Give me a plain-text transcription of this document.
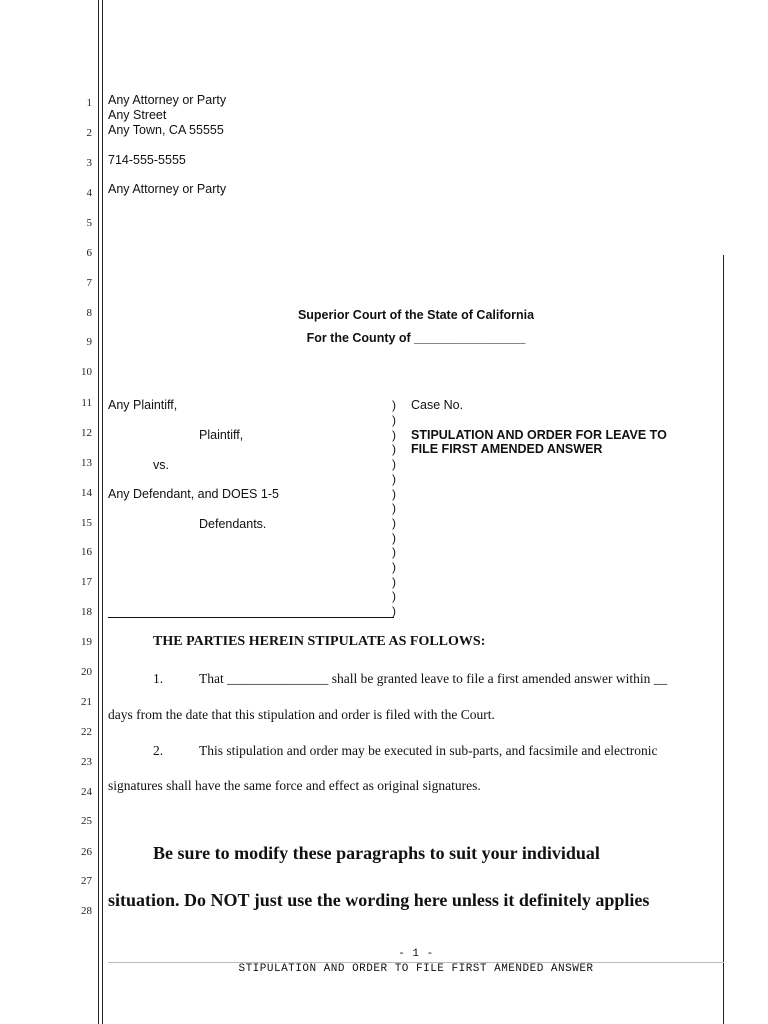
1
2
3
4
5
6
7
8
9
10
11
12
13
14
15
16
17
18
19
20
21
22
23
24
25
26
27
28
Any Attorney or Party
Any Street
Any Town, CA 55555
714-555-5555
Any Attorney or Party
Superior Court of the State of California
For the County of ________________
Any Plaintiff,
Plaintiff,
vs.
Any Defendant, and DOES 1-5
Defendants.
)
)
)
)
)
)
)
)
)
)
)
)
)
)
)
Case No.
STIPULATION AND ORDER FOR LEAVE TO
FILE FIRST AMENDED ANSWER
THE PARTIES HEREIN STIPULATE AS FOLLOWS:
1.	That _______________ shall be granted leave to file a first amended answer within __
days from the date that this stipulation and order is filed with the Court.
2.	This stipulation and order may be executed in sub-parts, and facsimile and electronic
signatures shall have the same force and effect as original signatures.
Be sure to modify these paragraphs to suit your individual
situation. Do NOT just use the wording here unless it definitely applies
- 1 -
STIPULATION AND ORDER TO FILE FIRST AMENDED ANSWER
